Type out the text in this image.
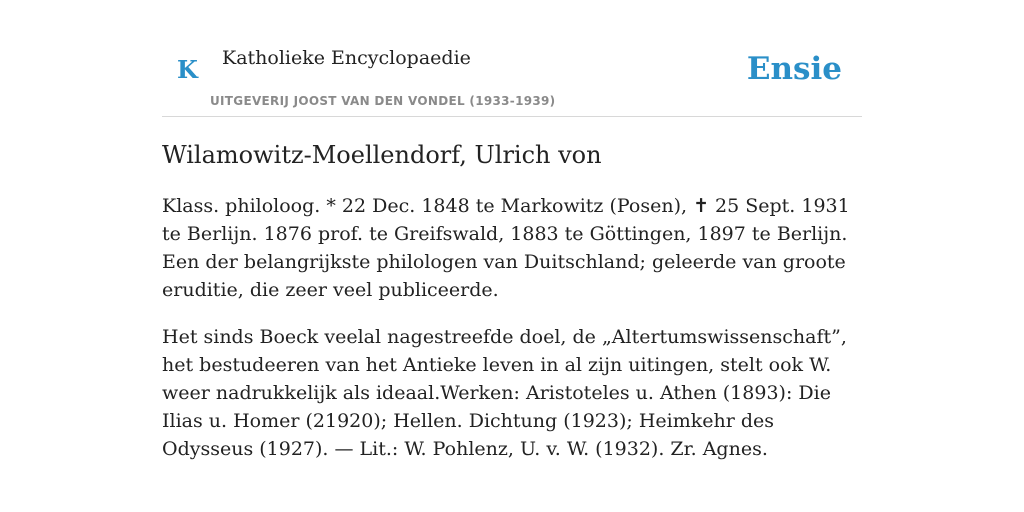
K Katholieke Encyclopaedie
UITGEVERIJ JOOST VAN DEN VONDEL (1933-1939)
Ensie
Wilamowitz-Moellendorf, Ulrich von

Klass. philoloog. * 22 Dec. 1848 te Markowitz (Posen), ✝ 25 Sept. 1931 te Berlijn. 1876 prof. te Greifswald, 1883 te Göttingen, 1897 te Berlijn. Een der belangrijkste philologen van Duitschland; geleerde van groote eruditie, die zeer veel publiceerde.

Het sinds Boeck veelal nagestreefde doel, de „Altertumswissenschaft”, het bestudeeren van het Antieke leven in al zijn uitingen, stelt ook W. weer nadrukkelijk als ideaal.Werken: Aristoteles u. Athen (1893): Die Ilias u. Homer (21920); Hellen. Dichtung (1923); Heimkehr des Odysseus (1927). — Lit.: W. Pohlenz, U. v. W. (1932). Zr. Agnes.
